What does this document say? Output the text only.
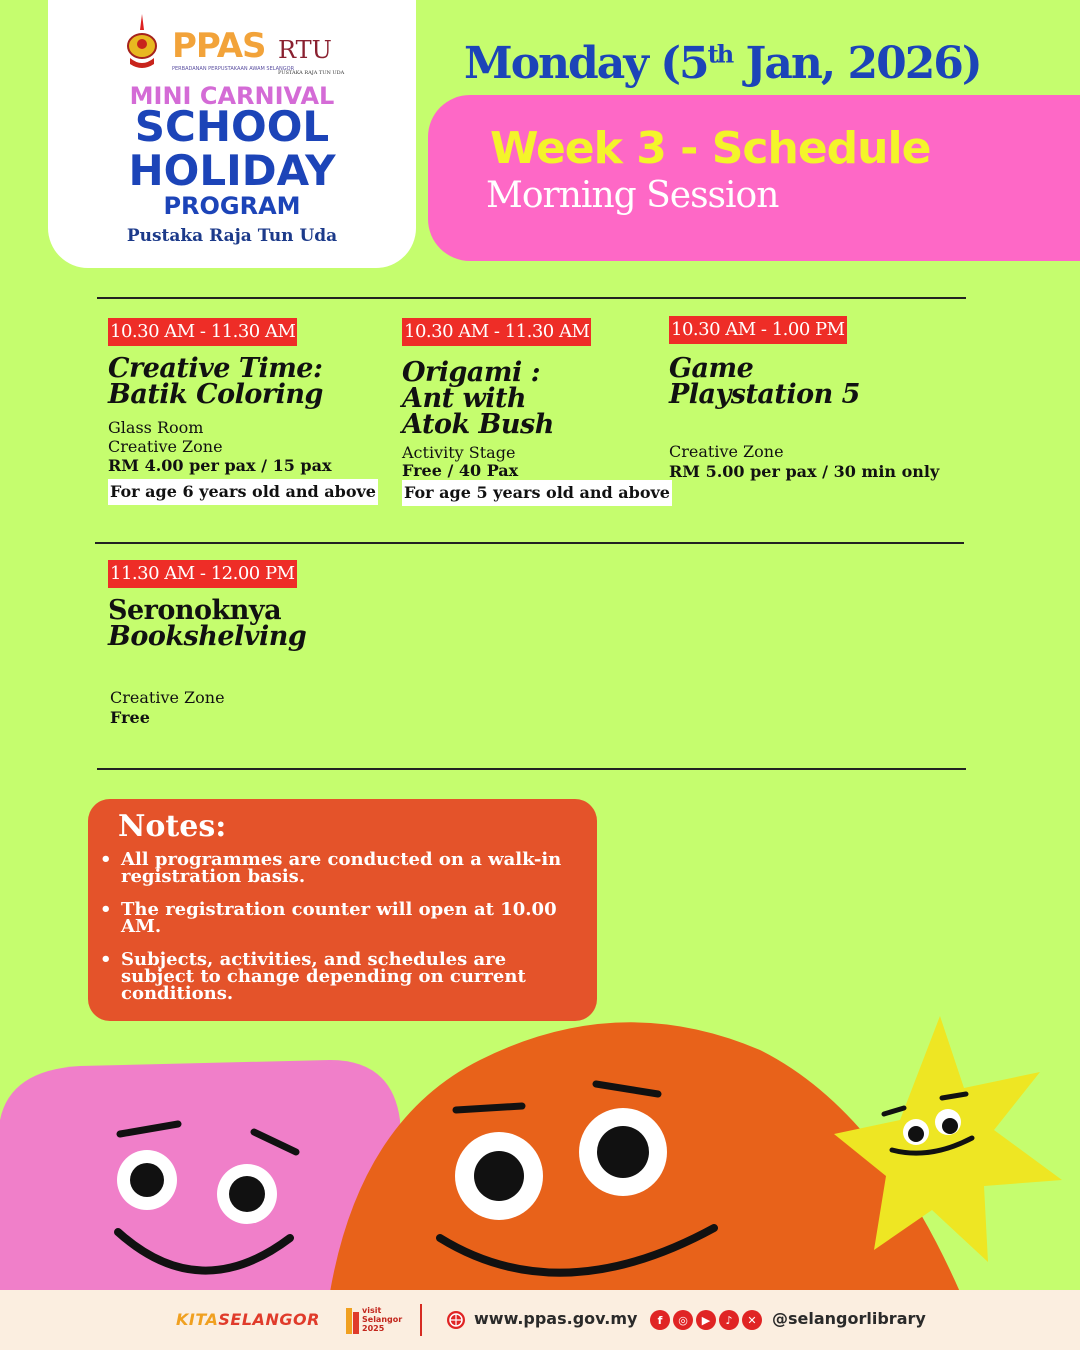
PPAS
PERBADANAN PERPUSTAKAAN AWAM SELANGOR
RTU
PUSTAKA RAJA TUN UDA
MINI CARNIVAL
SCHOOL
HOLIDAY
PROGRAM
Pustaka Raja Tun Uda
Monday (5th Jan, 2026)
Week 3 - Schedule
Morning Session
10.30 AM - 11.30 AM
Creative Time:
Batik Coloring
Glass Room
Creative Zone
RM 4.00 per pax / 15 pax
For age 6 years old and above
10.30 AM - 11.30 AM
Origami :
Ant with
Atok Bush
Activity Stage
Free / 40 Pax
For age 5 years old and above
10.30 AM - 1.00 PM
Game
Playstation 5
Creative Zone
RM 5.00 per pax / 30 min only
11.30 AM - 12.00 PM
Seronoknya
Bookshelving
Creative Zone
Free
Notes:
• All programmes are conducted on a walk-in registration basis.
• The registration counter will open at 10.00 AM.
• Subjects, activities, and schedules are subject to change depending on current conditions.
KITASELANGOR	visit Selangor 2025
www.ppas.gov.my	f	◎	▶	♪	✕ @selangorlibrary
